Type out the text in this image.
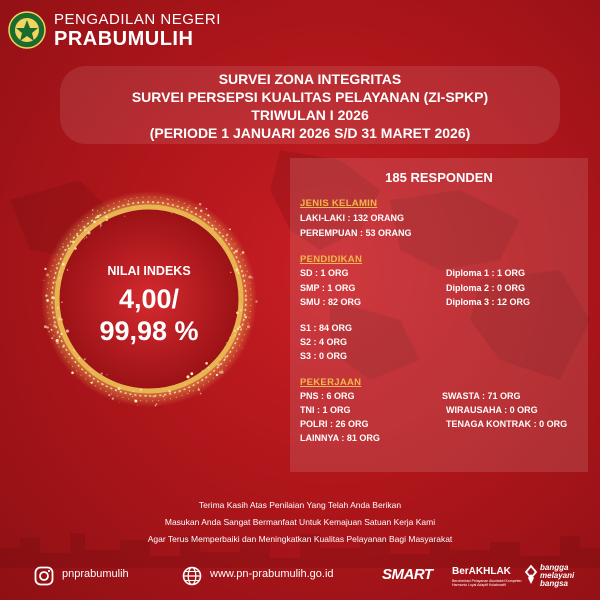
PENGADILAN NEGERI
PRABUMULIH
SURVEI ZONA INTEGRITAS
SURVEI PERSEPSI KUALITAS PELAYANAN (ZI-SPKP)
TRIWULAN I 2026
(PERIODE 1 JANUARI 2026 S/D 31 MARET 2026)
NILAI INDEKS
4,00/
99,98 %
185 RESPONDEN
JENIS KELAMIN
LAKI-LAKI : 132 ORANG
PEREMPUAN : 53 ORANG
PENDIDIKAN
SD : 1 ORG
SMP : 1 ORG
SMU : 82 ORG
Diploma 1 : 1 ORG
Diploma 2 : 0 ORG
Diploma 3 : 12 ORG
S1 : 84 ORG
S2 : 4 ORG
S3 : 0 ORG
PEKERJAAN
PNS : 6 ORG
TNI : 1 ORG
POLRI : 26 ORG
LAINNYA : 81 ORG
SWASTA : 71 ORG
WIRAUSAHA : 0 ORG
TENAGA KONTRAK : 0 ORG
Terima Kasih Atas Penilaian Yang Telah Anda Berikan
Masukan Anda Sangat Bermanfaat Untuk Kemajuan Satuan Kerja Kami
Agar Terus Memperbaiki dan Meningkatkan Kualitas Pelayanan Bagi Masyarakat
pnprabumulih	www.pn-prabumulih.go.id	SMART BerAKHLAK
Berorientasi Pelayanan Akuntabel Kompeten Harmonis Loyal Adaptif Kolaboratif
bangga
melayani
bangsa
